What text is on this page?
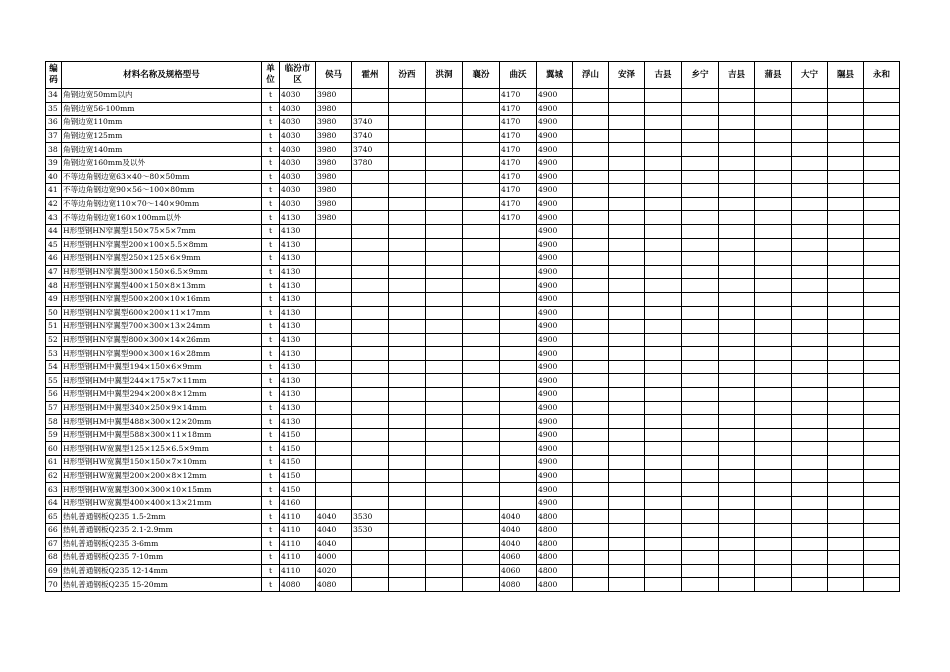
编码	材料名称及规格型号	单位	临汾市区	侯马	霍州	汾西	洪洞	襄汾	曲沃	翼城	浮山	安泽	古县	乡宁	吉县	蒲县	大宁	隰县	永和
34	角钢边宽50mm以内	t	4030	3980					4170	4900									
35	角钢边宽56-100mm	t	4030	3980					4170	4900									
36	角钢边宽110mm	t	4030	3980	3740				4170	4900									
37	角钢边宽125mm	t	4030	3980	3740				4170	4900									
38	角钢边宽140mm	t	4030	3980	3740				4170	4900									
39	角钢边宽160mm及以外	t	4030	3980	3780				4170	4900									
40	不等边角钢边宽63×40～80×50mm	t	4030	3980					4170	4900									
41	不等边角钢边宽90×56～100×80mm	t	4030	3980					4170	4900									
42	不等边角钢边宽110×70～140×90mm	t	4030	3980					4170	4900									
43	不等边角钢边宽160×100mm以外	t	4130	3980					4170	4900									
44	H形型钢HN窄翼型150×75×5×7mm	t	4130							4900									
45	H形型钢HN窄翼型200×100×5.5×8mm	t	4130							4900									
46	H形型钢HN窄翼型250×125×6×9mm	t	4130							4900									
47	H形型钢HN窄翼型300×150×6.5×9mm	t	4130							4900									
48	H形型钢HN窄翼型400×150×8×13mm	t	4130							4900									
49	H形型钢HN窄翼型500×200×10×16mm	t	4130							4900									
50	H形型钢HN窄翼型600×200×11×17mm	t	4130							4900									
51	H形型钢HN窄翼型700×300×13×24mm	t	4130							4900									
52	H形型钢HN窄翼型800×300×14×26mm	t	4130							4900									
53	H形型钢HN窄翼型900×300×16×28mm	t	4130							4900									
54	H形型钢HM中翼型194×150×6×9mm	t	4130							4900									
55	H形型钢HM中翼型244×175×7×11mm	t	4130							4900									
56	H形型钢HM中翼型294×200×8×12mm	t	4130							4900									
57	H形型钢HM中翼型340×250×9×14mm	t	4130							4900									
58	H形型钢HM中翼型488×300×12×20mm	t	4130							4900									
59	H形型钢HM中翼型588×300×11×18mm	t	4150							4900									
60	H形型钢HW宽翼型125×125×6.5×9mm	t	4150							4900									
61	H形型钢HW宽翼型150×150×7×10mm	t	4150							4900									
62	H形型钢HW宽翼型200×200×8×12mm	t	4150							4900									
63	H形型钢HW宽翼型300×300×10×15mm	t	4150							4900									
64	H形型钢HW宽翼型400×400×13×21mm	t	4160							4900									
65	热轧普通钢板Q235 1.5-2mm	t	4110	4040	3530				4040	4800									
66	热轧普通钢板Q235 2.1-2.9mm	t	4110	4040	3530				4040	4800									
67	热轧普通钢板Q235 3-6mm	t	4110	4040					4040	4800									
68	热轧普通钢板Q235 7-10mm	t	4110	4000					4060	4800									
69	热轧普通钢板Q235 12-14mm	t	4110	4020					4060	4800									
70	热轧普通钢板Q235 15-20mm	t	4080	4080					4080	4800									
